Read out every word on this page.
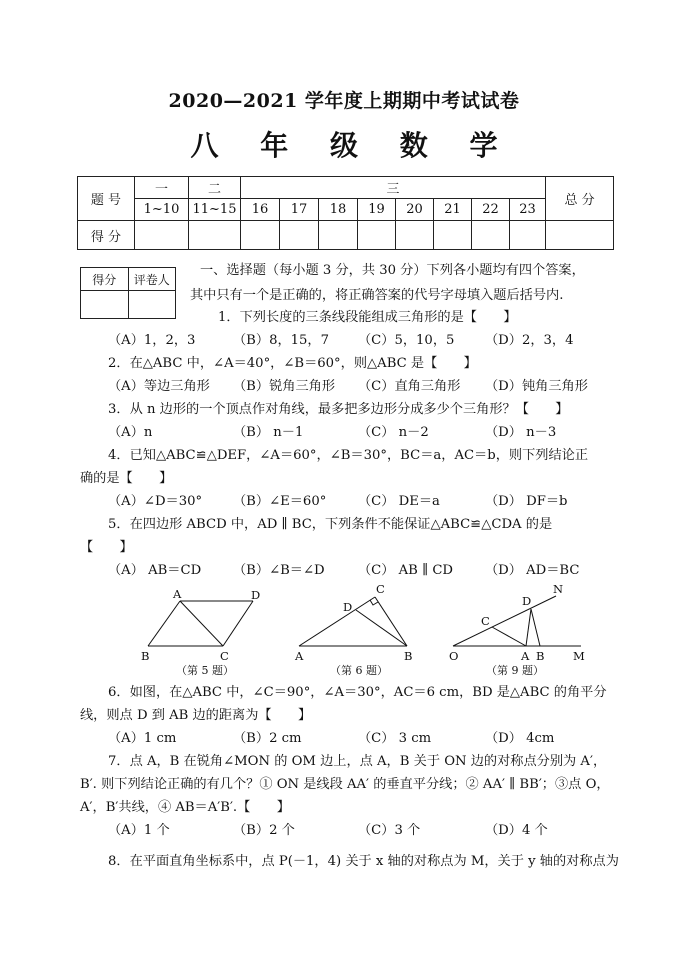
2020—2021 学年度上期期中考试试卷
八 年 级 数 学
题 号	一	二	三								总 分
	1~10	11~15	16	17	18	19	20	21	22	23	
得 分											
得分	评卷人

一、选择题（每小题 3 分，共 30 分）下列各小题均有四个答案，
其中只有一个是正确的，将正确答案的代号字母填入题后括号内.
1．下列长度的三条线段能组成三角形的是【　　】
（A）1，2，3	（B）8，15，7 （C）5，10，5 （D）2，3，4
2．在△ABC 中，∠A＝40°，∠B＝60°，则△ABC 是【　　】
（A）等边三角形 （B）锐角三角形 （C）直角三角形 （D）钝角三角形
3．从 n 边形的一个顶点作对角线，最多把多边形分成多少个三角形？【　　】
（A）n	（B） n－1	（C） n－2	（D） n－3
4．已知△ABC≌△DEF，∠A＝60°，∠B＝30°，BC＝a，AC＝b，则下列结论正
确的是【　　】
（A）∠D＝30° （B）∠E＝60° （C） DE＝a	（D） DF＝b
5．在四边形 ABCD 中，AD ∥ BC，下列条件不能保证△ABC≌△CDA 的是
【　　】
（A） AB＝CD （B）∠B＝∠D	（C） AB ∥ CD （D） AD＝BC
A	D
B	C
（第 5 题）
C
D
A	B
（第 6 题）
N
D
C
O	A B M
（第 9 题）
6．如图，在△ABC 中，∠C＝90°，∠A＝30°，AC＝6 cm，BD 是△ABC 的角平分
线，则点 D 到 AB 边的距离为【　　】
（A）1 cm	（B）2 cm	（C） 3 cm	（D） 4cm
7．点 A，B 在锐角∠MON 的 OM 边上，点 A，B 关于 ON 边的对称点分别为 A′，
B′. 则下列结论正确的有几个？① ON 是线段 AA′ 的垂直平分线；② AA′ ∥ BB′；③点 O，
A′，B′共线，④ AB＝A′B′.【　　】
（A）1 个	（B）2 个	（C）3 个	（D）4 个
8．在平面直角坐标系中，点 P(－1，4) 关于 x 轴的对称点为 M，关于 y 轴的对称点为
